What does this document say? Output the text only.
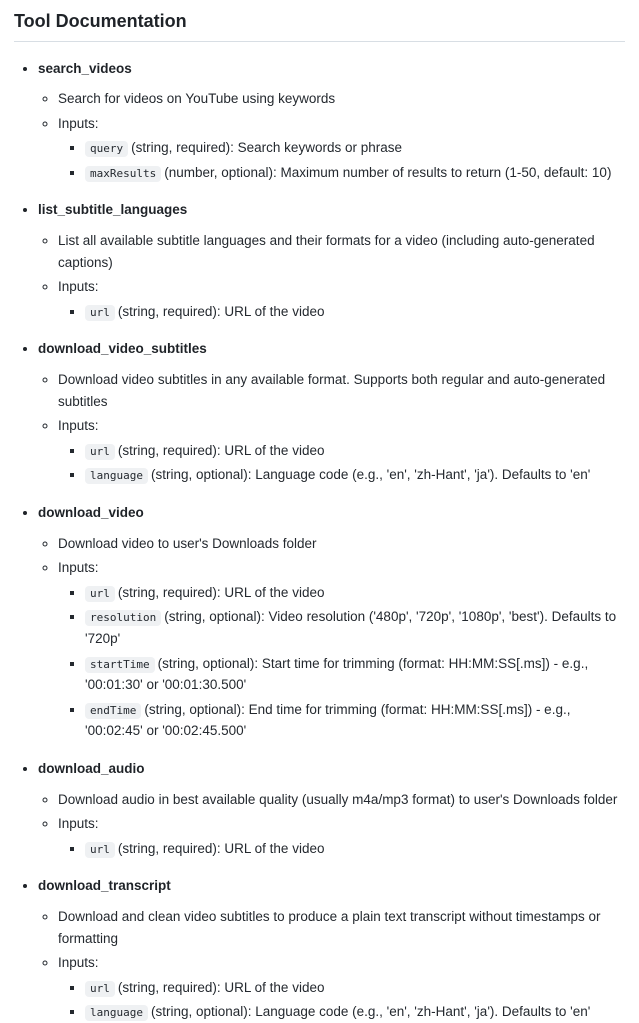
Tool Documentation
• search_videos
◦ Search for videos on YouTube using keywords
◦ Inputs:
▪ query (string, required): Search keywords or phrase
▪ maxResults (number, optional): Maximum number of results to return (1-50, default: 10)
• list_subtitle_languages
◦ List all available subtitle languages and their formats for a video (including auto-generated captions)
◦ Inputs:
▪ url (string, required): URL of the video
• download_video_subtitles
◦ Download video subtitles in any available format. Supports both regular and auto-generated subtitles
◦ Inputs:
▪ url (string, required): URL of the video
▪ language (string, optional): Language code (e.g., 'en', 'zh-Hant', 'ja'). Defaults to 'en'
• download_video
◦ Download video to user's Downloads folder
◦ Inputs:
▪ url (string, required): URL of the video
▪ resolution (string, optional): Video resolution ('480p', '720p', '1080p', 'best'). Defaults to '720p'
▪ startTime (string, optional): Start time for trimming (format: HH:MM:SS[.ms]) - e.g., '00:01:30' or '00:01:30.500'
▪ endTime (string, optional): End time for trimming (format: HH:MM:SS[.ms]) - e.g., '00:02:45' or '00:02:45.500'
• download_audio
◦ Download audio in best available quality (usually m4a/mp3 format) to user's Downloads folder
◦ Inputs:
▪ url (string, required): URL of the video
• download_transcript
◦ Download and clean video subtitles to produce a plain text transcript without timestamps or formatting
◦ Inputs:
▪ url (string, required): URL of the video
▪ language (string, optional): Language code (e.g., 'en', 'zh-Hant', 'ja'). Defaults to 'en'
